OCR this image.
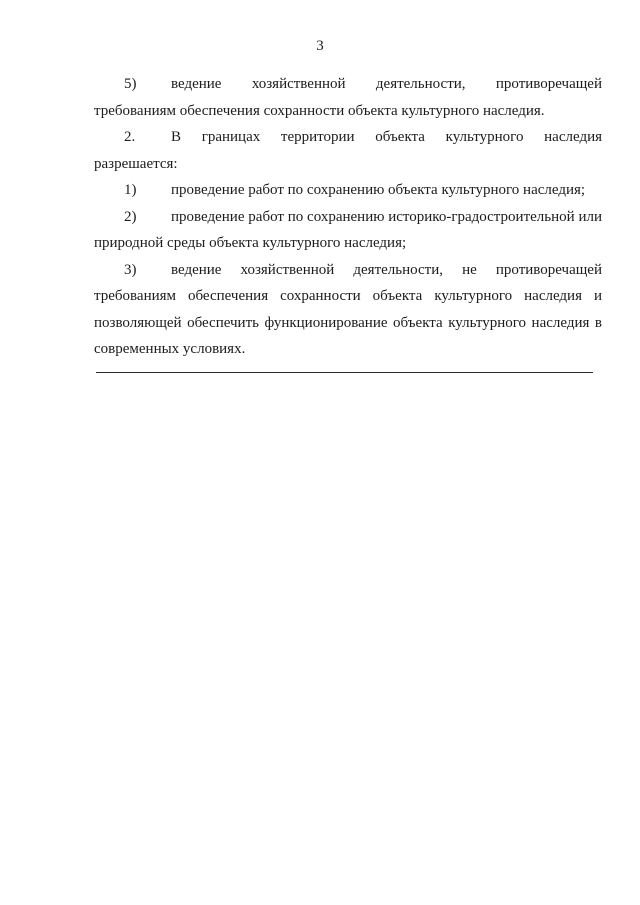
3

5) ведение хозяйственной деятельности, противоречащей требованиям обеспечения сохранности объекта культурного наследия.

2. В границах территории объекта культурного наследия разрешается:

1) проведение работ по сохранению объекта культурного наследия;

2) проведение работ по сохранению историко-градостроительной или природной среды объекта культурного наследия;

3) ведение хозяйственной деятельности, не противоречащей требованиям обеспечения сохранности объекта культурного наследия и позволяющей обеспечить функционирование объекта культурного наследия в современных условиях.
